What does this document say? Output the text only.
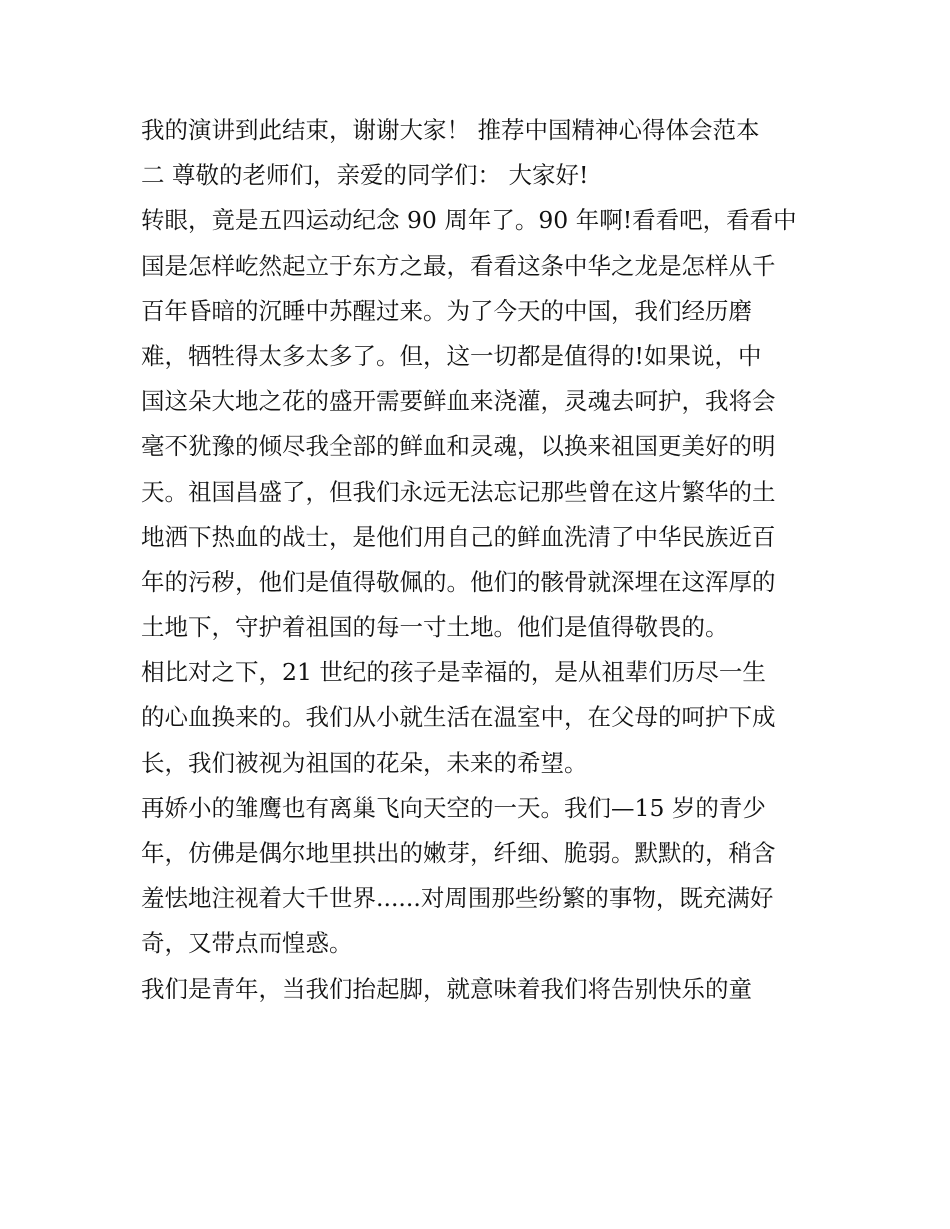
我的演讲到此结束，谢谢大家！ 推荐中国精神心得体会范本
二 尊敬的老师们，亲爱的同学们： 大家好!
转眼，竟是五四运动纪念 90 周年了。90 年啊!看看吧，看看中
国是怎样屹然起立于东方之最，看看这条中华之龙是怎样从千
百年昏暗的沉睡中苏醒过来。为了今天的中国，我们经历磨
难，牺牲得太多太多了。但，这一切都是值得的!如果说，中
国这朵大地之花的盛开需要鲜血来浇灌，灵魂去呵护，我将会
毫不犹豫的倾尽我全部的鲜血和灵魂，以换来祖国更美好的明
天。祖国昌盛了，但我们永远无法忘记那些曾在这片繁华的土
地洒下热血的战士，是他们用自己的鲜血洗清了中华民族近百
年的污秽，他们是值得敬佩的。他们的骸骨就深埋在这浑厚的
土地下，守护着祖国的每一寸土地。他们是值得敬畏的。
相比对之下，21 世纪的孩子是幸福的，是从祖辈们历尽一生
的心血换来的。我们从小就生活在温室中，在父母的呵护下成
长，我们被视为祖国的花朵，未来的希望。
再娇小的雏鹰也有离巢飞向天空的一天。我们—15 岁的青少
年，仿佛是偶尔地里拱出的嫩芽，纤细、脆弱。默默的，稍含
羞怯地注视着大千世界......对周围那些纷繁的事物，既充满好
奇，又带点而惶惑。
我们是青年，当我们抬起脚，就意味着我们将告别快乐的童
